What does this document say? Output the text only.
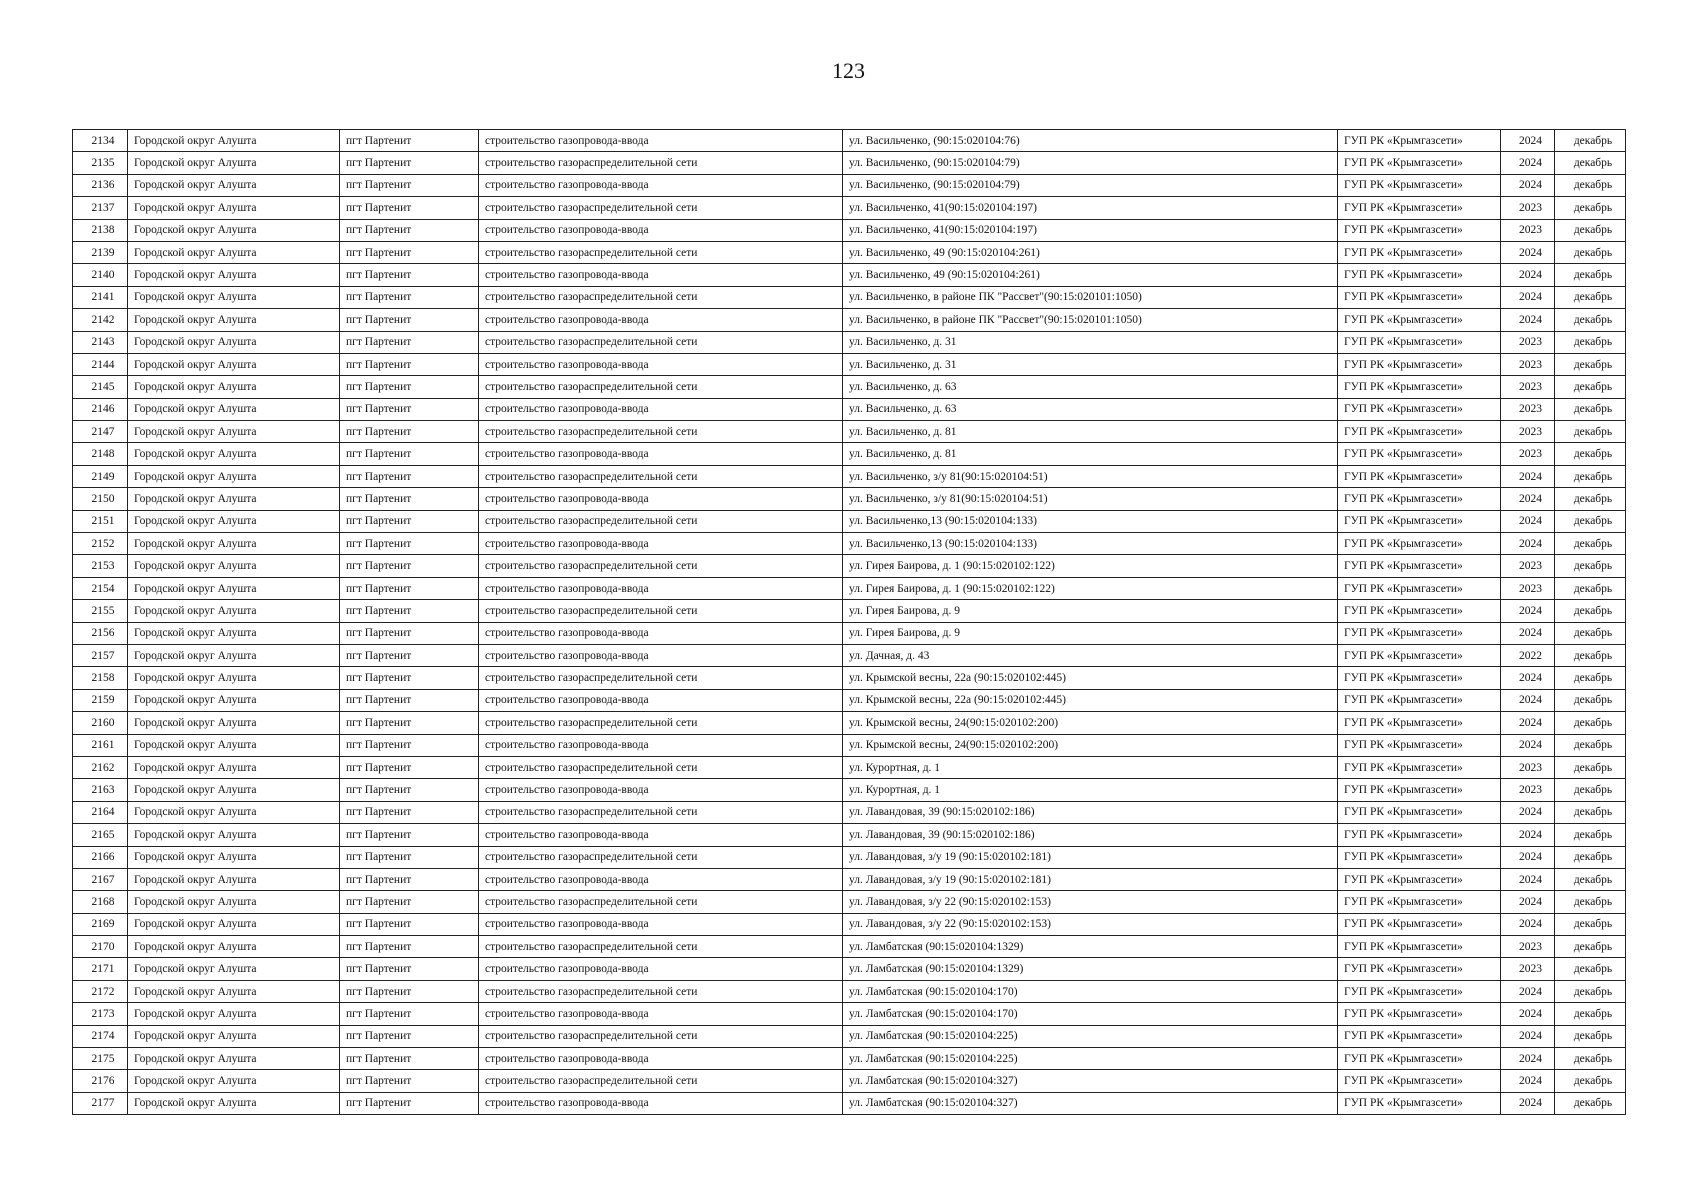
123
2134	Городской округ Алушта	пгт Партенит	строительство газопровода-ввода	ул. Васильченко, (90:15:020104:76)	ГУП РК «Крымгазсети»	2024	декабрь
2135	Городской округ Алушта	пгт Партенит	строительство газораспределительной сети	ул. Васильченко, (90:15:020104:79)	ГУП РК «Крымгазсети»	2024	декабрь
2136	Городской округ Алушта	пгт Партенит	строительство газопровода-ввода	ул. Васильченко, (90:15:020104:79)	ГУП РК «Крымгазсети»	2024	декабрь
2137	Городской округ Алушта	пгт Партенит	строительство газораспределительной сети	ул. Васильченко, 41(90:15:020104:197)	ГУП РК «Крымгазсети»	2023	декабрь
2138	Городской округ Алушта	пгт Партенит	строительство газопровода-ввода	ул. Васильченко, 41(90:15:020104:197)	ГУП РК «Крымгазсети»	2023	декабрь
2139	Городской округ Алушта	пгт Партенит	строительство газораспределительной сети	ул. Васильченко, 49 (90:15:020104:261)	ГУП РК «Крымгазсети»	2024	декабрь
2140	Городской округ Алушта	пгт Партенит	строительство газопровода-ввода	ул. Васильченко, 49 (90:15:020104:261)	ГУП РК «Крымгазсети»	2024	декабрь
2141	Городской округ Алушта	пгт Партенит	строительство газораспределительной сети	ул. Васильченко, в районе ПК "Рассвет"(90:15:020101:1050)	ГУП РК «Крымгазсети»	2024	декабрь
2142	Городской округ Алушта	пгт Партенит	строительство газопровода-ввода	ул. Васильченко, в районе ПК "Рассвет"(90:15:020101:1050)	ГУП РК «Крымгазсети»	2024	декабрь
2143	Городской округ Алушта	пгт Партенит	строительство газораспределительной сети	ул. Васильченко, д. 31	ГУП РК «Крымгазсети»	2023	декабрь
2144	Городской округ Алушта	пгт Партенит	строительство газопровода-ввода	ул. Васильченко, д. 31	ГУП РК «Крымгазсети»	2023	декабрь
2145	Городской округ Алушта	пгт Партенит	строительство газораспределительной сети	ул. Васильченко, д. 63	ГУП РК «Крымгазсети»	2023	декабрь
2146	Городской округ Алушта	пгт Партенит	строительство газопровода-ввода	ул. Васильченко, д. 63	ГУП РК «Крымгазсети»	2023	декабрь
2147	Городской округ Алушта	пгт Партенит	строительство газораспределительной сети	ул. Васильченко, д. 81	ГУП РК «Крымгазсети»	2023	декабрь
2148	Городской округ Алушта	пгт Партенит	строительство газопровода-ввода	ул. Васильченко, д. 81	ГУП РК «Крымгазсети»	2023	декабрь
2149	Городской округ Алушта	пгт Партенит	строительство газораспределительной сети	ул. Васильченко, з/у 81(90:15:020104:51)	ГУП РК «Крымгазсети»	2024	декабрь
2150	Городской округ Алушта	пгт Партенит	строительство газопровода-ввода	ул. Васильченко, з/у 81(90:15:020104:51)	ГУП РК «Крымгазсети»	2024	декабрь
2151	Городской округ Алушта	пгт Партенит	строительство газораспределительной сети	ул. Васильченко,13 (90:15:020104:133)	ГУП РК «Крымгазсети»	2024	декабрь
2152	Городской округ Алушта	пгт Партенит	строительство газопровода-ввода	ул. Васильченко,13 (90:15:020104:133)	ГУП РК «Крымгазсети»	2024	декабрь
2153	Городской округ Алушта	пгт Партенит	строительство газораспределительной сети	ул. Гирея Баирова, д. 1 (90:15:020102:122)	ГУП РК «Крымгазсети»	2023	декабрь
2154	Городской округ Алушта	пгт Партенит	строительство газопровода-ввода	ул. Гирея Баирова, д. 1 (90:15:020102:122)	ГУП РК «Крымгазсети»	2023	декабрь
2155	Городской округ Алушта	пгт Партенит	строительство газораспределительной сети	ул. Гирея Баирова, д. 9	ГУП РК «Крымгазсети»	2024	декабрь
2156	Городской округ Алушта	пгт Партенит	строительство газопровода-ввода	ул. Гирея Баирова, д. 9	ГУП РК «Крымгазсети»	2024	декабрь
2157	Городской округ Алушта	пгт Партенит	строительство газопровода-ввода	ул. Дачная, д. 43	ГУП РК «Крымгазсети»	2022	декабрь
2158	Городской округ Алушта	пгт Партенит	строительство газораспределительной сети	ул. Крымской весны, 22а (90:15:020102:445)	ГУП РК «Крымгазсети»	2024	декабрь
2159	Городской округ Алушта	пгт Партенит	строительство газопровода-ввода	ул. Крымской весны, 22а (90:15:020102:445)	ГУП РК «Крымгазсети»	2024	декабрь
2160	Городской округ Алушта	пгт Партенит	строительство газораспределительной сети	ул. Крымской весны, 24(90:15:020102:200)	ГУП РК «Крымгазсети»	2024	декабрь
2161	Городской округ Алушта	пгт Партенит	строительство газопровода-ввода	ул. Крымской весны, 24(90:15:020102:200)	ГУП РК «Крымгазсети»	2024	декабрь
2162	Городской округ Алушта	пгт Партенит	строительство газораспределительной сети	ул. Курортная, д. 1	ГУП РК «Крымгазсети»	2023	декабрь
2163	Городской округ Алушта	пгт Партенит	строительство газопровода-ввода	ул. Курортная, д. 1	ГУП РК «Крымгазсети»	2023	декабрь
2164	Городской округ Алушта	пгт Партенит	строительство газораспределительной сети	ул. Лавандовая, 39 (90:15:020102:186)	ГУП РК «Крымгазсети»	2024	декабрь
2165	Городской округ Алушта	пгт Партенит	строительство газопровода-ввода	ул. Лавандовая, 39 (90:15:020102:186)	ГУП РК «Крымгазсети»	2024	декабрь
2166	Городской округ Алушта	пгт Партенит	строительство газораспределительной сети	ул. Лавандовая, з/у 19 (90:15:020102:181)	ГУП РК «Крымгазсети»	2024	декабрь
2167	Городской округ Алушта	пгт Партенит	строительство газопровода-ввода	ул. Лавандовая, з/у 19 (90:15:020102:181)	ГУП РК «Крымгазсети»	2024	декабрь
2168	Городской округ Алушта	пгт Партенит	строительство газораспределительной сети	ул. Лавандовая, з/у 22 (90:15:020102:153)	ГУП РК «Крымгазсети»	2024	декабрь
2169	Городской округ Алушта	пгт Партенит	строительство газопровода-ввода	ул. Лавандовая, з/у 22 (90:15:020102:153)	ГУП РК «Крымгазсети»	2024	декабрь
2170	Городской округ Алушта	пгт Партенит	строительство газораспределительной сети	ул. Ламбатская (90:15:020104:1329)	ГУП РК «Крымгазсети»	2023	декабрь
2171	Городской округ Алушта	пгт Партенит	строительство газопровода-ввода	ул. Ламбатская (90:15:020104:1329)	ГУП РК «Крымгазсети»	2023	декабрь
2172	Городской округ Алушта	пгт Партенит	строительство газораспределительной сети	ул. Ламбатская (90:15:020104:170)	ГУП РК «Крымгазсети»	2024	декабрь
2173	Городской округ Алушта	пгт Партенит	строительство газопровода-ввода	ул. Ламбатская (90:15:020104:170)	ГУП РК «Крымгазсети»	2024	декабрь
2174	Городской округ Алушта	пгт Партенит	строительство газораспределительной сети	ул. Ламбатская (90:15:020104:225)	ГУП РК «Крымгазсети»	2024	декабрь
2175	Городской округ Алушта	пгт Партенит	строительство газопровода-ввода	ул. Ламбатская (90:15:020104:225)	ГУП РК «Крымгазсети»	2024	декабрь
2176	Городской округ Алушта	пгт Партенит	строительство газораспределительной сети	ул. Ламбатская (90:15:020104:327)	ГУП РК «Крымгазсети»	2024	декабрь
2177	Городской округ Алушта	пгт Партенит	строительство газопровода-ввода	ул. Ламбатская (90:15:020104:327)	ГУП РК «Крымгазсети»	2024	декабрь
